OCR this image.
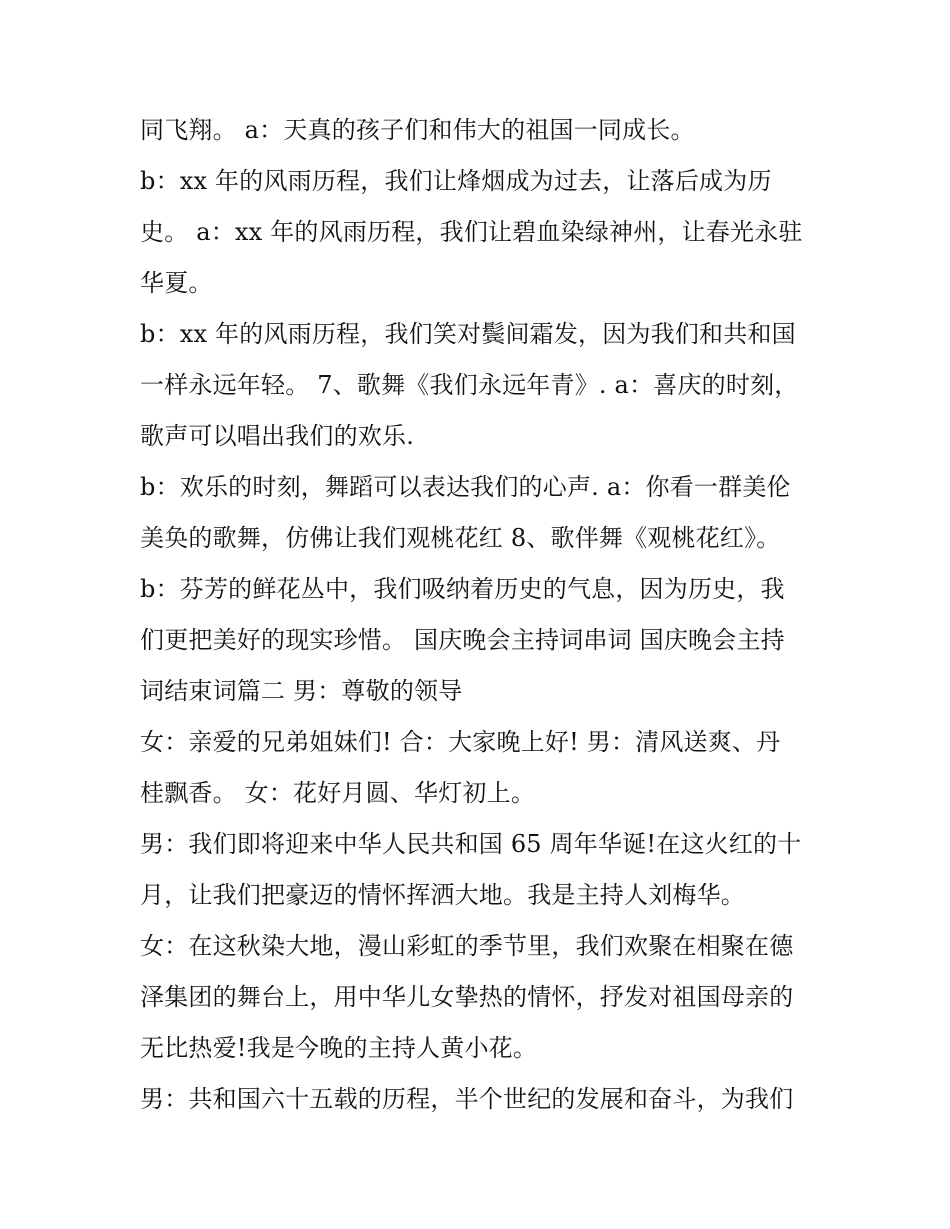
同飞翔。 a：天真的孩子们和伟大的祖国一同成长。
b：xx 年的风雨历程，我们让烽烟成为过去，让落后成为历
史。 a：xx 年的风雨历程，我们让碧血染绿神州，让春光永驻
华夏。
b：xx 年的风雨历程，我们笑对鬓间霜发，因为我们和共和国
一样永远年轻。 7、歌舞《我们永远年青》. a：喜庆的时刻，
歌声可以唱出我们的欢乐.
b：欢乐的时刻，舞蹈可以表达我们的心声. a：你看一群美伦
美奂的歌舞，仿佛让我们观桃花红 8、歌伴舞《观桃花红》。
b：芬芳的鲜花丛中，我们吸纳着历史的气息，因为历史，我
们更把美好的现实珍惜。 国庆晚会主持词串词 国庆晚会主持
词结束词篇二 男：尊敬的领导
女：亲爱的兄弟姐妹们! 合：大家晚上好! 男：清风送爽、丹
桂飘香。 女：花好月圆、华灯初上。
男：我们即将迎来中华人民共和国 65 周年华诞!在这火红的十
月，让我们把豪迈的情怀挥洒大地。我是主持人刘梅华。
女：在这秋染大地，漫山彩虹的季节里，我们欢聚在相聚在德
泽集团的舞台上，用中华儿女挚热的情怀，抒发对祖国母亲的
无比热爱!我是今晚的主持人黄小花。
男：共和国六十五载的历程，半个世纪的发展和奋斗，为我们
